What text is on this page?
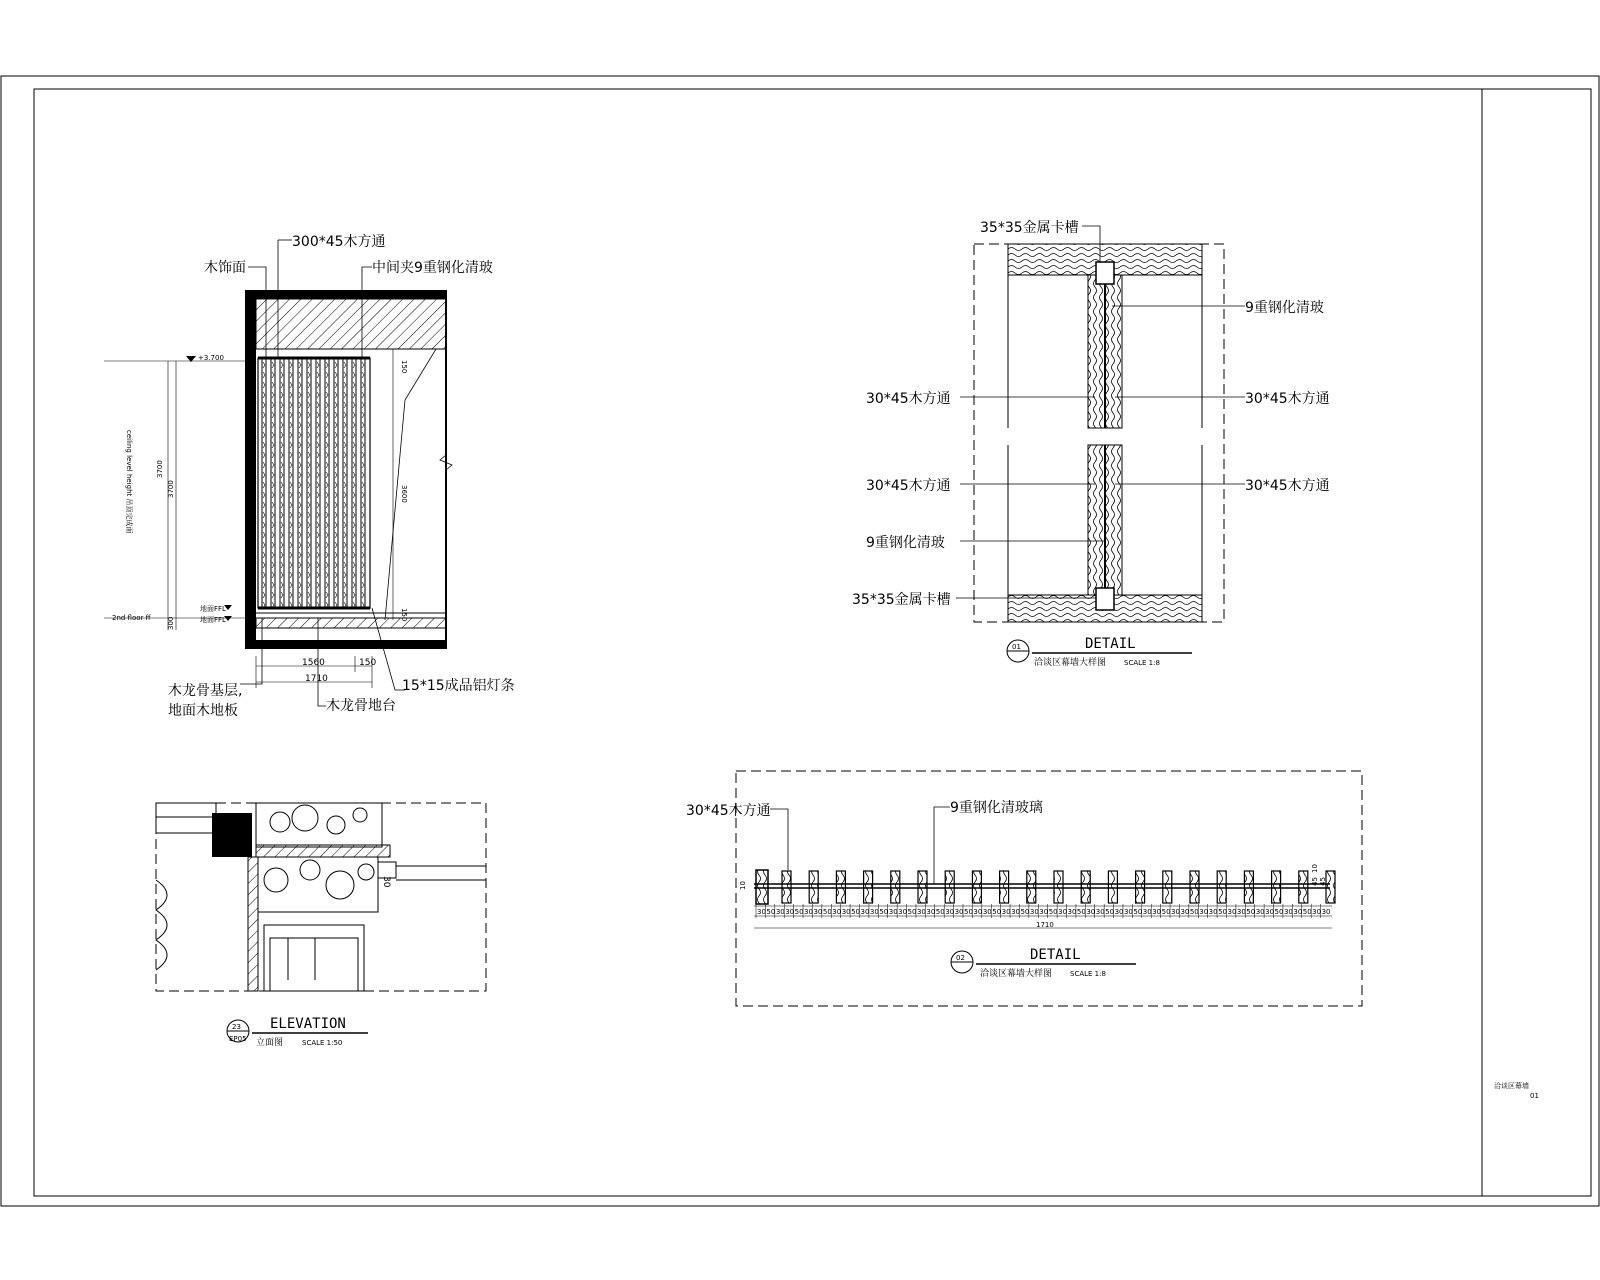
150
3600
150
+3.700
ceiling level height 吊顶完成面	3700
3700
300
2nd floor ff
地面FFL
地面FFL
1560	150
1710
300*45木方通
木饰面	中间夹9重钢化清玻
木龙骨基层,
地面木地板
15*15成品铝灯条
木龙骨地台
30
23
EP05
ELEVATION
立面图	SCALE 1:50
35*35金属卡槽
9重钢化清玻
30*45木方通	30*45木方通
30*45木方通	30*45木方通
9重钢化清玻
35*35金属卡槽
01	DETAIL
洽谈区幕墙大样图	SCALE 1:8
30 50 30 30 50 30 30 50 30 30 50 30 30 50 30 30 50 30 30 50 30 30 50 30 30 50 30 30 50 30 30 50 30 30 50 30 30 50 30 30 50 30 30 50 30 30 50 30 30 50 30 30 50 30 30 50 30 30 50 30 30
1710
10	45
10
45
30*45木方通	9重钢化清玻璃
02	DETAIL
洽谈区幕墙大样图	SCALE 1:8
洽谈区幕墙
01
